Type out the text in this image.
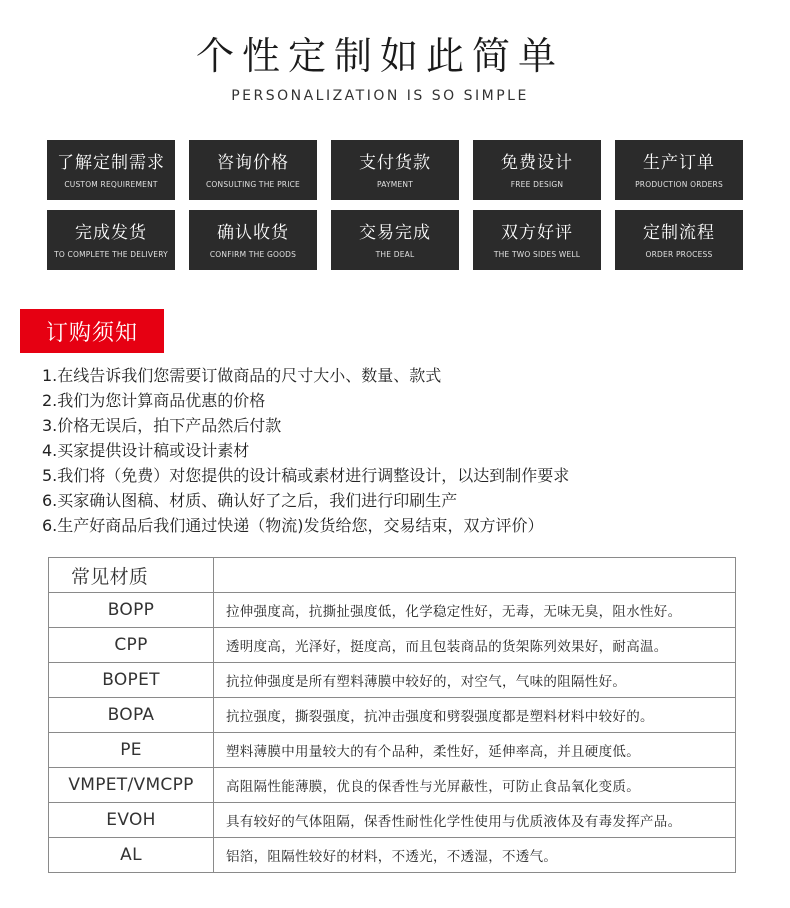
个性定制如此简单
PERSONALIZATION IS SO SIMPLE
了解定制需求
CUSTOM REQUIREMENT
咨询价格
CONSULTING THE PRICE
支付货款
PAYMENT
免费设计
FREE DESIGN
生产订单
PRODUCTION ORDERS
完成发货
TO COMPLETE THE DELIVERY
确认收货
CONFIRM THE GOODS
交易完成
THE DEAL
双方好评
THE TWO SIDES WELL
定制流程
ORDER PROCESS
订购须知
1.在线告诉我们您需要订做商品的尺寸大小、数量、款式
2.我们为您计算商品优惠的价格
3.价格无误后，拍下产品然后付款
4.买家提供设计稿或设计素材
5.我们将（免费）对您提供的设计稿或素材进行调整设计，以达到制作要求
6.买家确认图稿、材质、确认好了之后，我们进行印刷生产
6.生产好商品后我们通过快递（物流)发货给您，交易结束，双方评价）
常见材质	
BOPP	拉伸强度高，抗撕扯强度低，化学稳定性好，无毒，无味无臭，阻水性好。
CPP	透明度高，光泽好，挺度高，而且包装商品的货架陈列效果好，耐高温。
BOPET	抗拉伸强度是所有塑料薄膜中较好的，对空气，气味的阻隔性好。
BOPA	抗拉强度，撕裂强度，抗冲击强度和劈裂强度都是塑料材料中较好的。
PE	塑料薄膜中用量较大的有个品种，柔性好，延伸率高，并且硬度低。
VMPET/VMCPP	高阻隔性能薄膜，优良的保香性与光屏蔽性，可防止食品氧化变质。
EVOH	具有较好的气体阻隔，保香性耐性化学性使用与优质液体及有毒发挥产品。
AL	铝箔，阻隔性较好的材料，不透光，不透湿，不透气。
